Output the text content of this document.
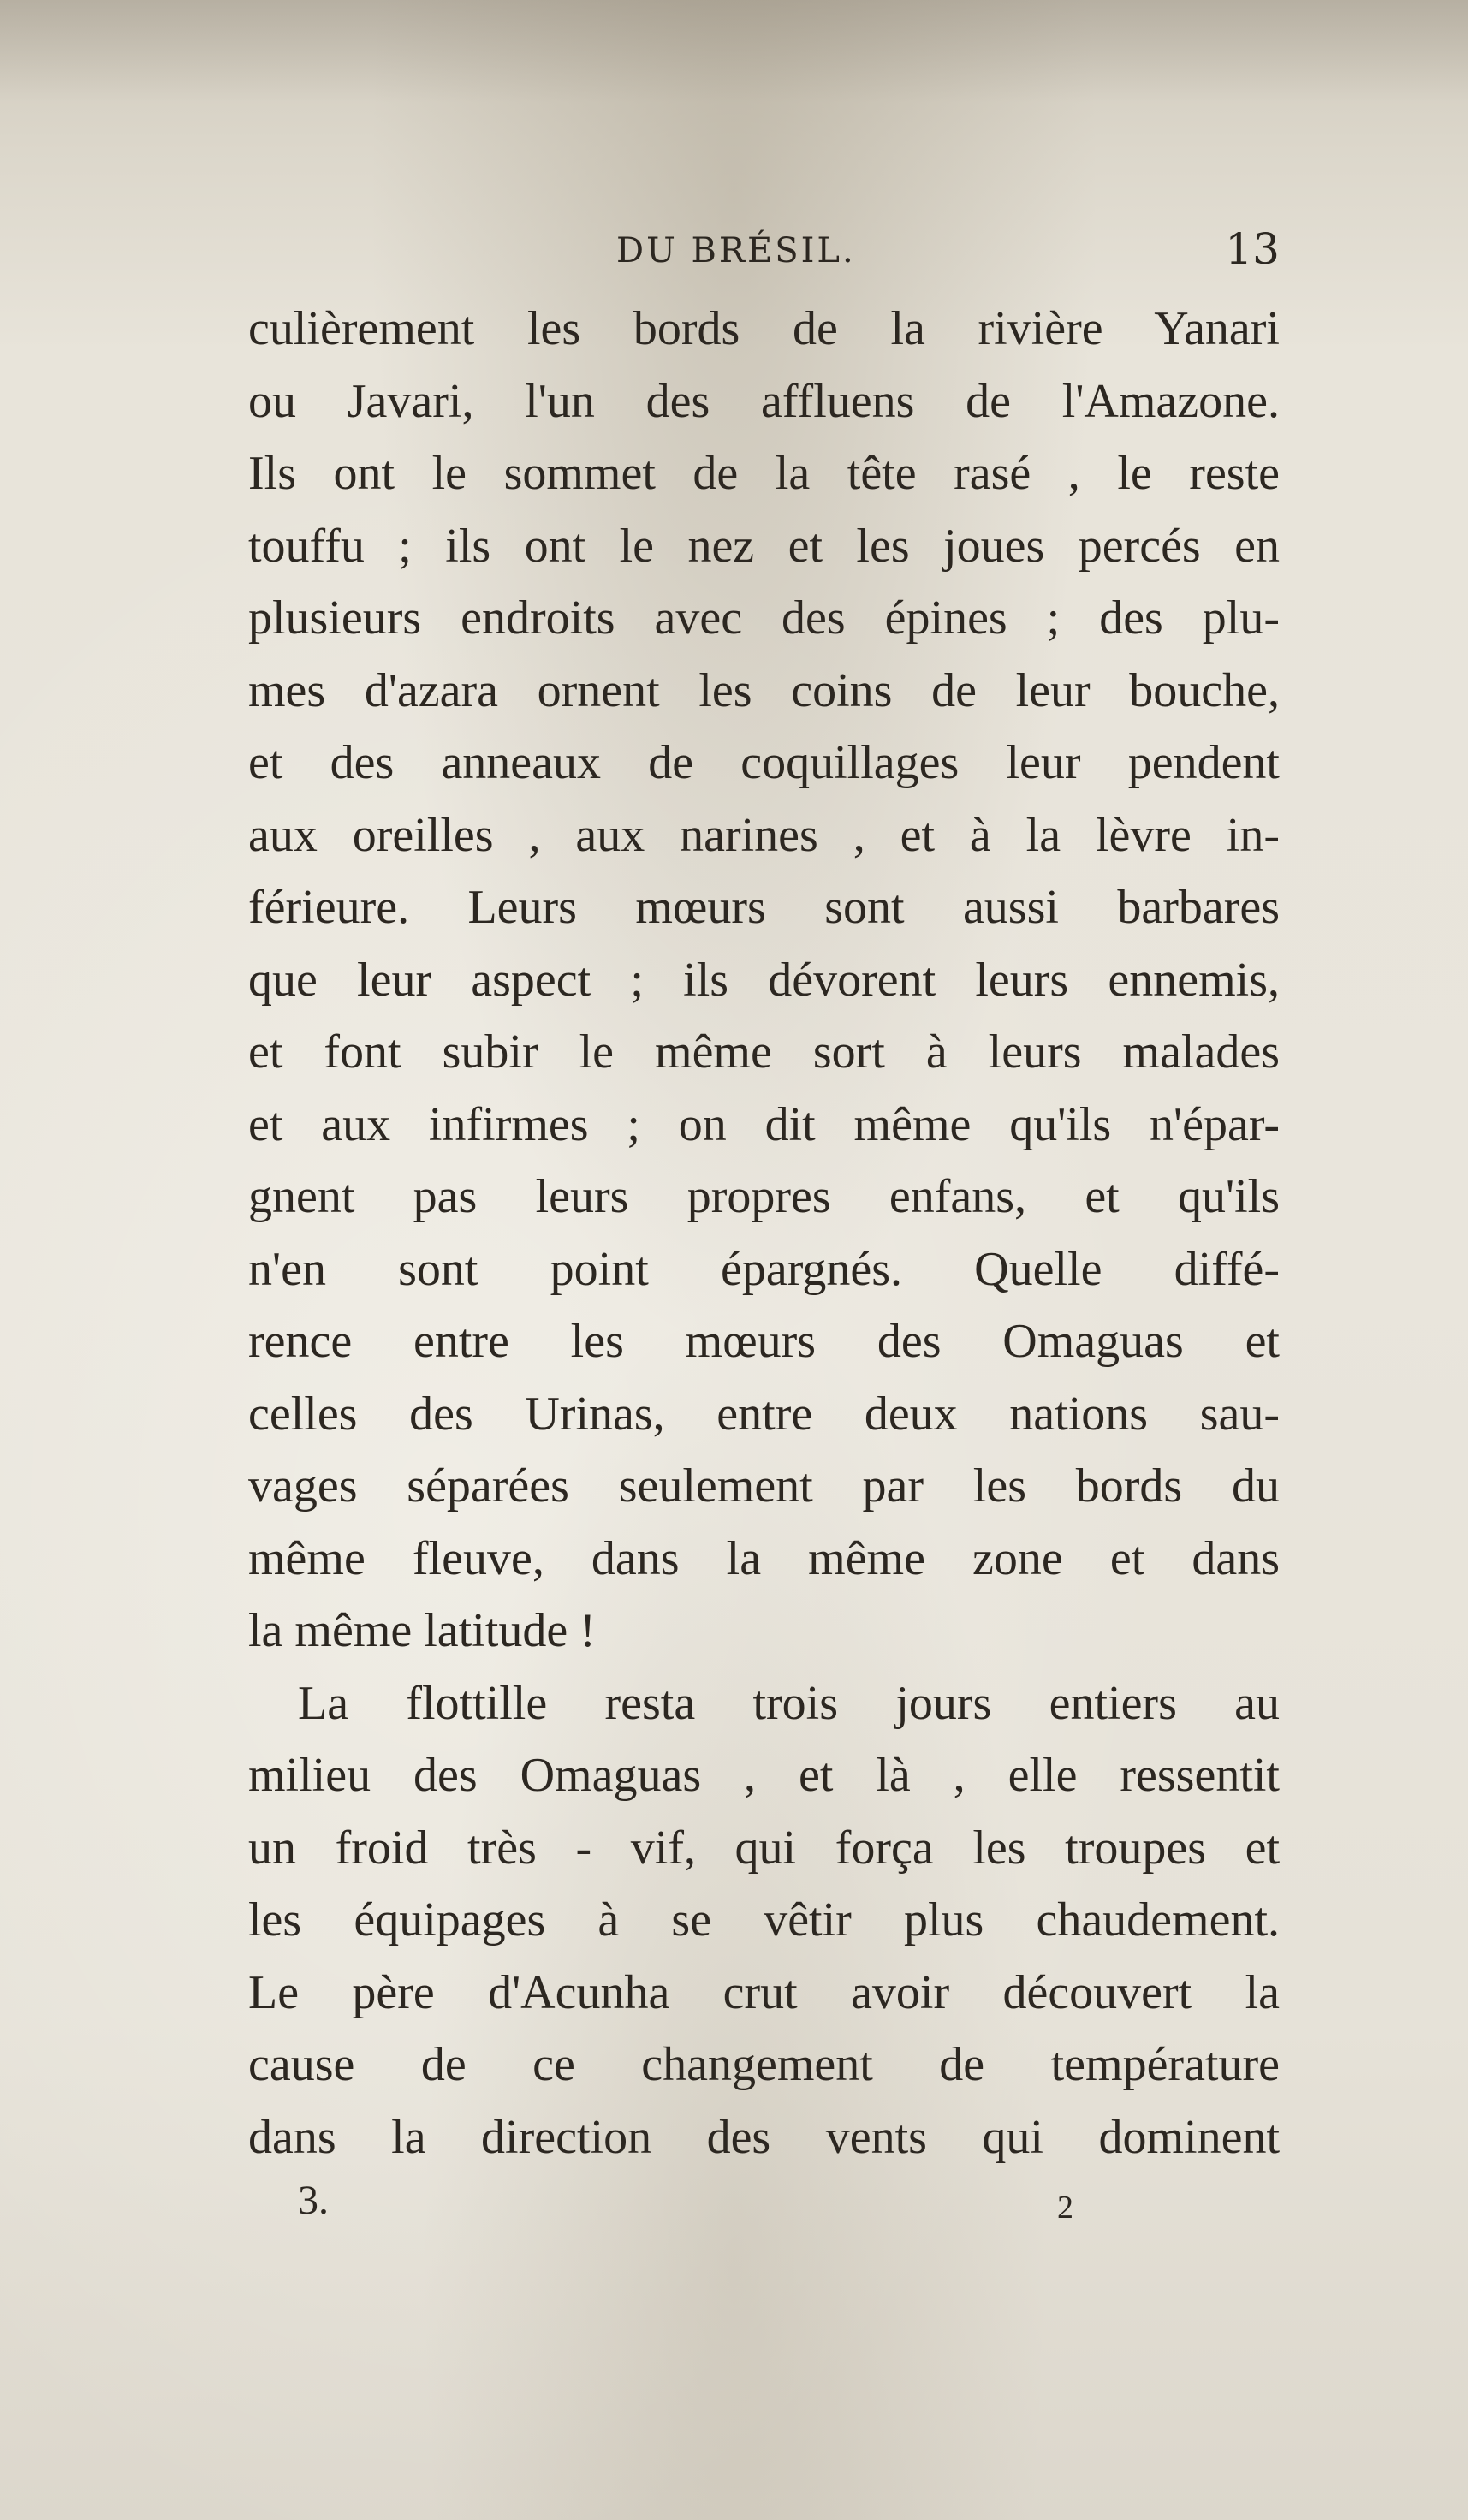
DU BRÉSIL.	13
culièrement les bords de la rivière Yanari
ou Javari, l'un des affluens de l'Amazone.
Ils ont le sommet de la tête rasé , le reste
touffu ; ils ont le nez et les joues percés en
plusieurs endroits avec des épines ; des plu-
mes d'azara ornent les coins de leur bouche,
et des anneaux de coquillages leur pendent
aux oreilles , aux narines , et à la lèvre in-
férieure. Leurs mœurs sont aussi barbares
que leur aspect ; ils dévorent leurs ennemis,
et font subir le même sort à leurs malades
et aux infirmes ; on dit même qu'ils n'épar-
gnent pas leurs propres enfans, et qu'ils
n'en sont point épargnés. Quelle diffé-
rence entre les mœurs des Omaguas et
celles des Urinas, entre deux nations sau-
vages séparées seulement par les bords du
même fleuve, dans la même zone et dans
la même latitude !
La flottille resta trois jours entiers au
milieu des Omaguas , et là , elle ressentit
un froid très - vif, qui força les troupes et
les équipages à se vêtir plus chaudement.
Le père d'Acunha crut avoir découvert la
cause de ce changement de température
dans la direction des vents qui dominent
3.	2
